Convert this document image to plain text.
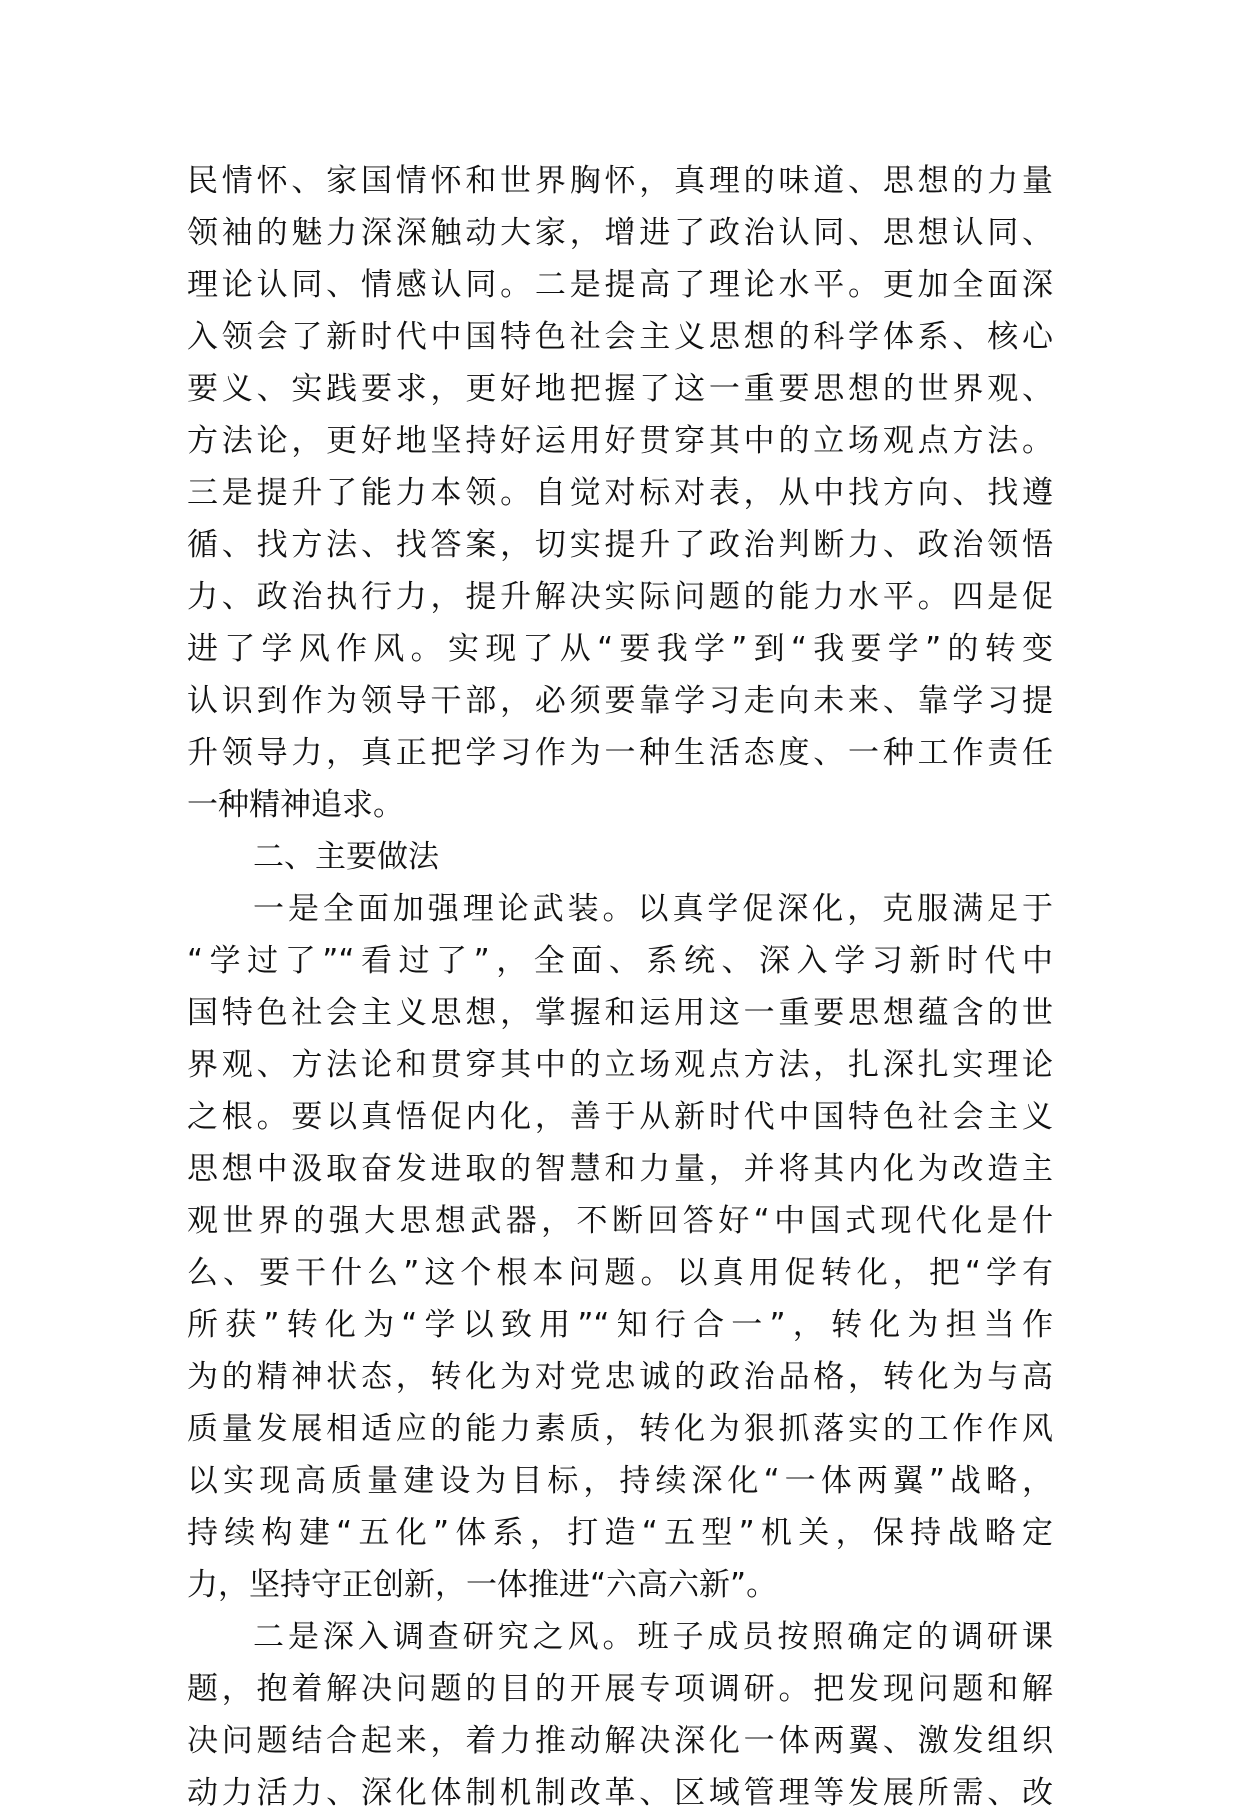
民情怀、家国情怀和世界胸怀，真理的味道、思想的力量
领袖的魅力深深触动大家，增进了政治认同、思想认同、
理论认同、情感认同。二是提高了理论水平。更加全面深
入领会了新时代中国特色社会主义思想的科学体系、核心
要义、实践要求，更好地把握了这一重要思想的世界观、
方法论，更好地坚持好运用好贯穿其中的立场观点方法。
三是提升了能力本领。自觉对标对表，从中找方向、找遵
循、找方法、找答案，切实提升了政治判断力、政治领悟
力、政治执行力，提升解决实际问题的能力水平。四是促
进了学风作风。实现了从“要我学”到“我要学”的转变
认识到作为领导干部，必须要靠学习走向未来、靠学习提
升领导力，真正把学习作为一种生活态度、一种工作责任
一种精神追求。
二、主要做法
一是全面加强理论武装。以真学促深化，克服满足于
“学过了”“看过了”，全面、系统、深入学习新时代中
国特色社会主义思想，掌握和运用这一重要思想蕴含的世
界观、方法论和贯穿其中的立场观点方法，扎深扎实理论
之根。要以真悟促内化，善于从新时代中国特色社会主义
思想中汲取奋发进取的智慧和力量，并将其内化为改造主
观世界的强大思想武器，不断回答好“中国式现代化是什
么、要干什么”这个根本问题。以真用促转化，把“学有
所获”转化为“学以致用”“知行合一”，转化为担当作
为的精神状态，转化为对党忠诚的政治品格，转化为与高
质量发展相适应的能力素质，转化为狠抓落实的工作作风
以实现高质量建设为目标，持续深化“一体两翼”战略，
持续构建“五化”体系，打造“五型”机关，保持战略定
力，坚持守正创新，一体推进“六高六新”。
二是深入调查研究之风。班子成员按照确定的调研课
题，抱着解决问题的目的开展专项调研。把发现问题和解
决问题结合起来，着力推动解决深化一体两翼、激发组织
动力活力、深化体制机制改革、区域管理等发展所需、改
